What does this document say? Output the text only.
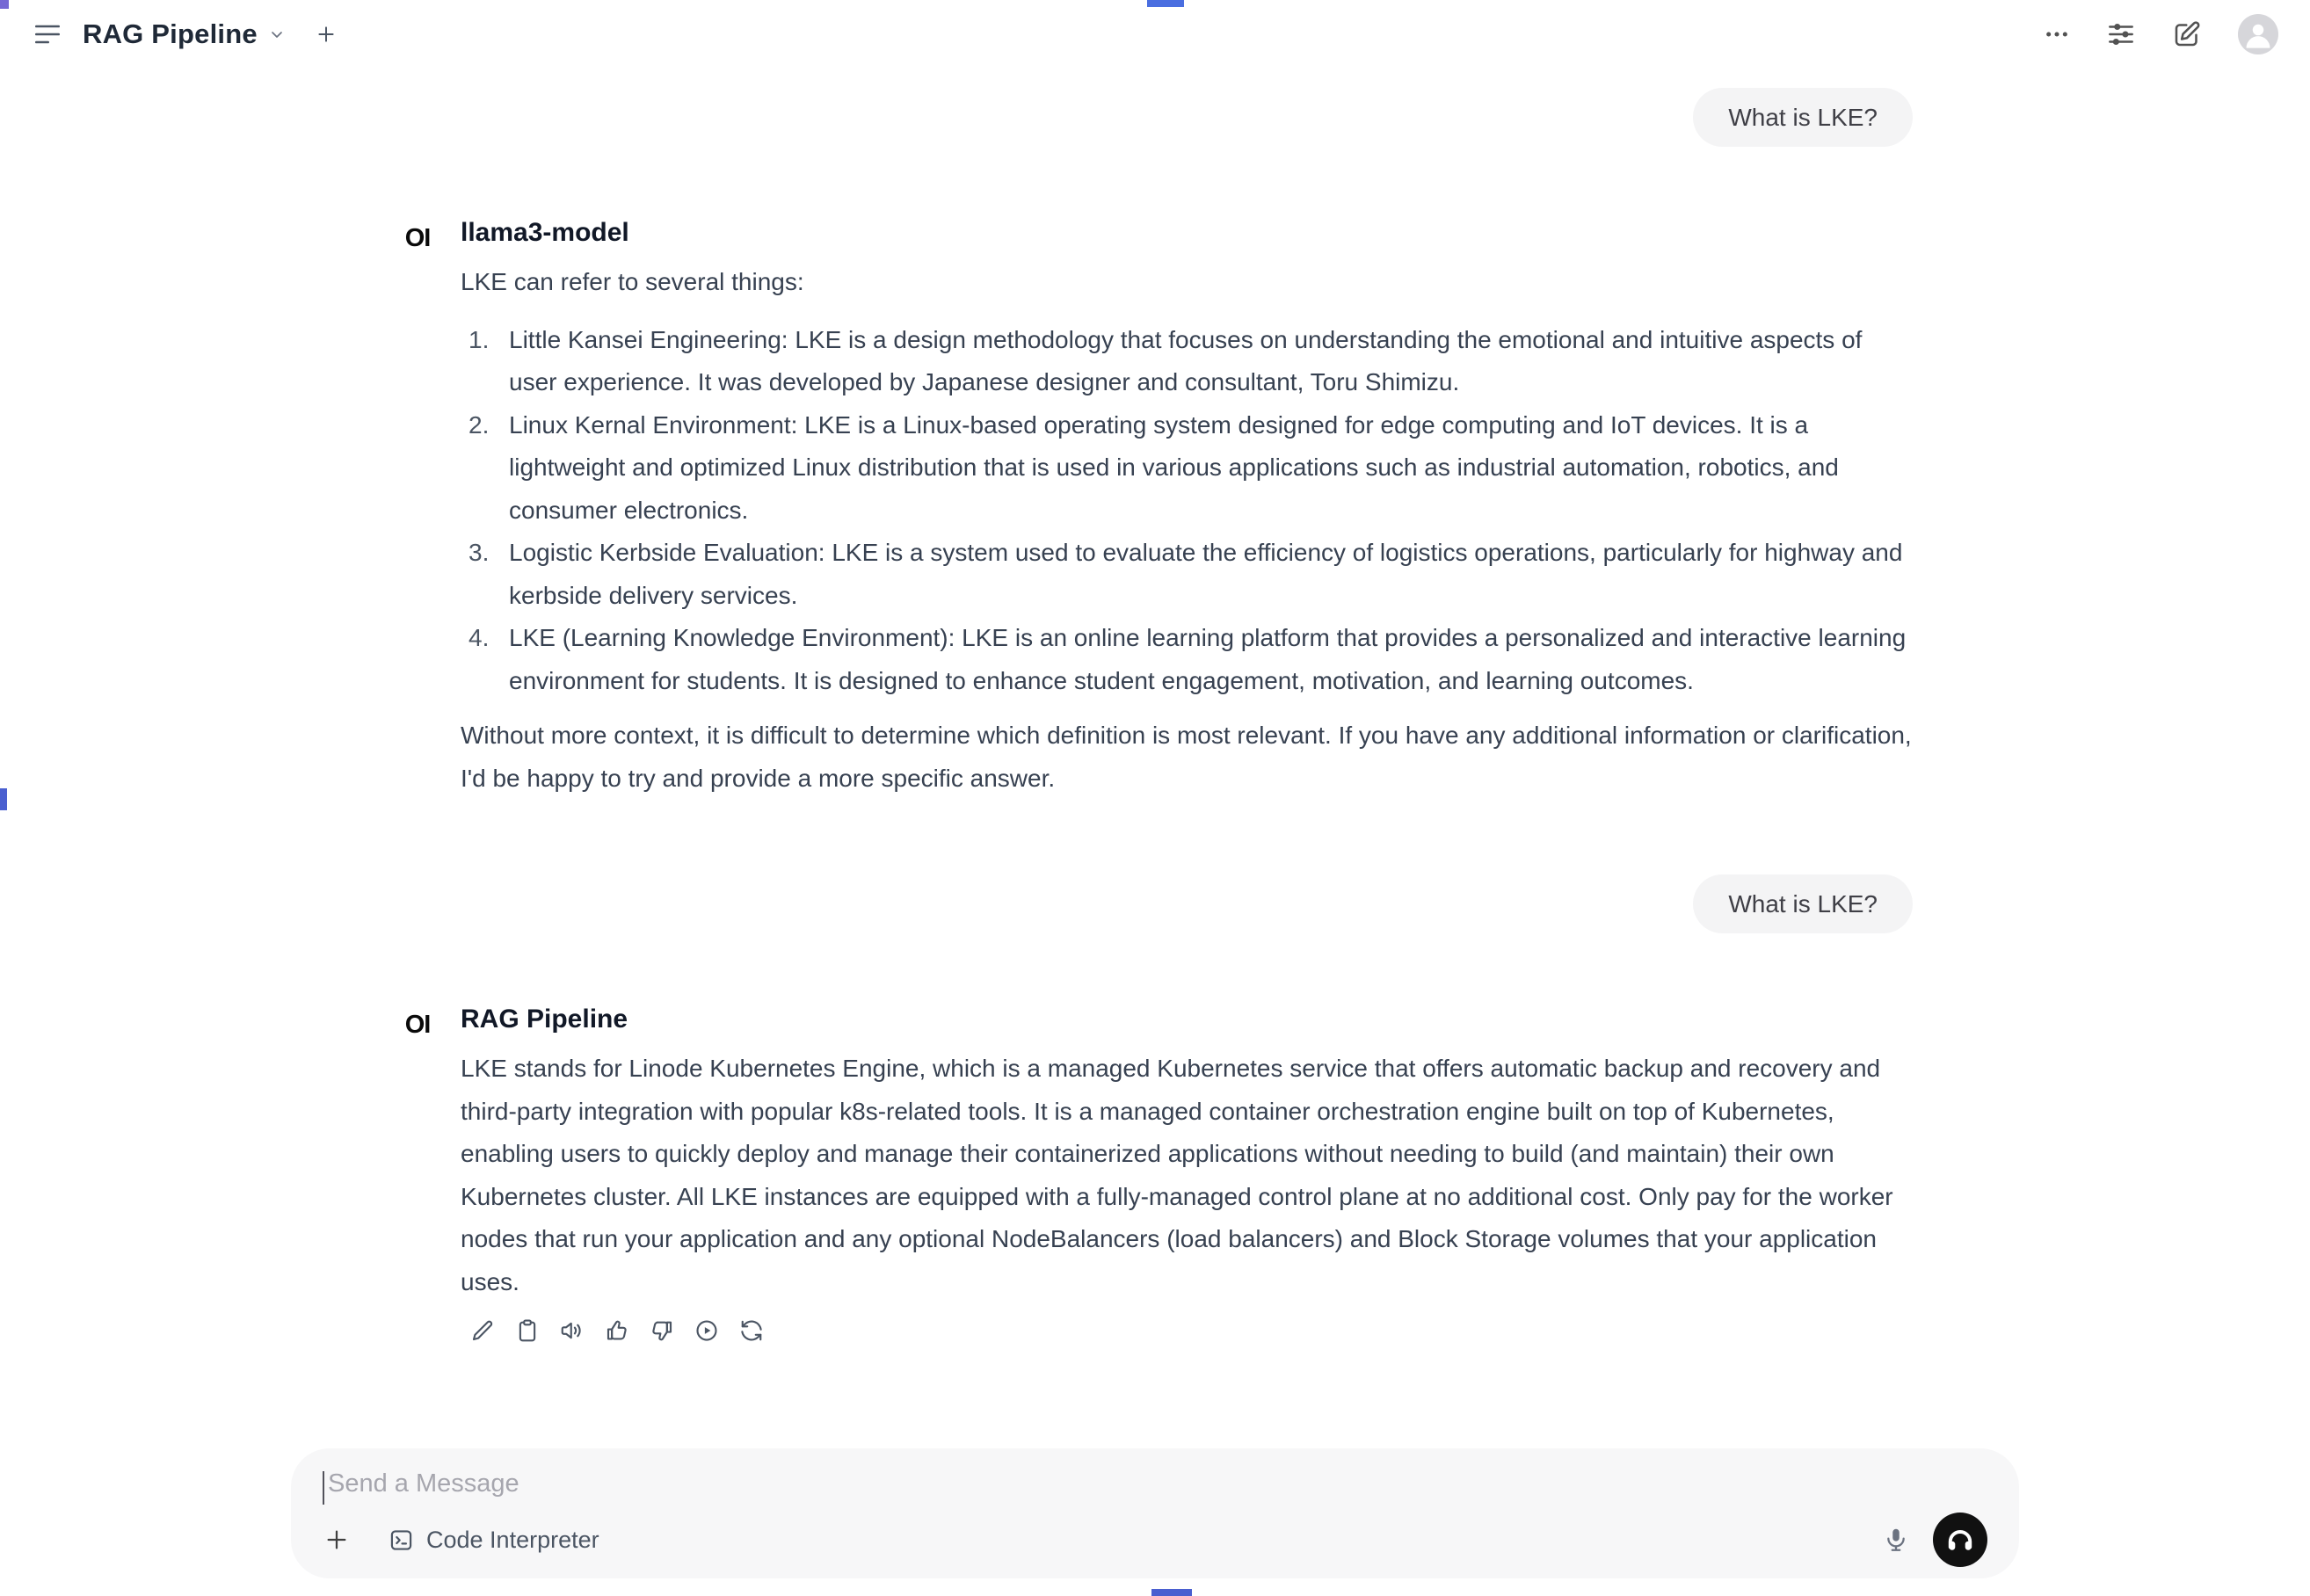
RAG Pipeline
What is LKE?
OI llama3-model
LKE can refer to several things:
1. Little Kansei Engineering: LKE is a design methodology that focuses on understanding the emotional and intuitive aspects of user experience. It was developed by Japanese designer and consultant, Toru Shimizu.
2. Linux Kernal Environment: LKE is a Linux-based operating system designed for edge computing and IoT devices. It is a lightweight and optimized Linux distribution that is used in various applications such as industrial automation, robotics, and consumer electronics.
3. Logistic Kerbside Evaluation: LKE is a system used to evaluate the efficiency of logistics operations, particularly for highway and kerbside delivery services.
4. LKE (Learning Knowledge Environment): LKE is an online learning platform that provides a personalized and interactive learning environment for students. It is designed to enhance student engagement, motivation, and learning outcomes.
Without more context, it is difficult to determine which definition is most relevant. If you have any additional information or clarification, I'd be happy to try and provide a more specific answer.
What is LKE?
OI RAG Pipeline
LKE stands for Linode Kubernetes Engine, which is a managed Kubernetes service that offers automatic backup and recovery and third-party integration with popular k8s-related tools. It is a managed container orchestration engine built on top of Kubernetes, enabling users to quickly deploy and manage their containerized applications without needing to build (and maintain) their own Kubernetes cluster. All LKE instances are equipped with a fully-managed control plane at no additional cost. Only pay for the worker nodes that run your application and any optional NodeBalancers (load balancers) and Block Storage volumes that your application uses.
Send a Message
Code Interpreter
